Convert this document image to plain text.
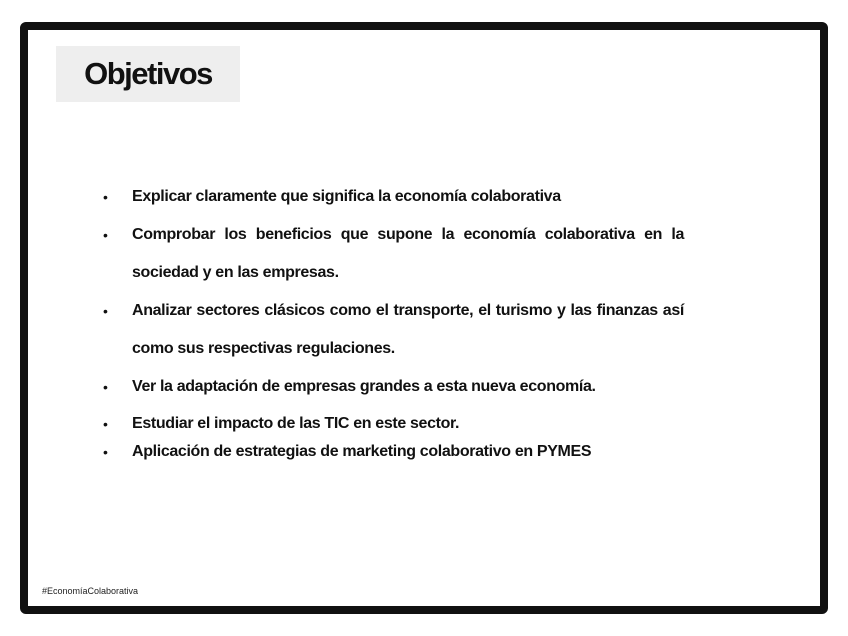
Objetivos
• Explicar claramente que significa la economía colaborativa
• Comprobar los beneficios que supone la economía colaborativa en la sociedad y en las empresas.
• Analizar sectores clásicos como el transporte, el turismo y las finanzas así como sus respectivas regulaciones.
• Ver la adaptación de empresas grandes a esta nueva economía.
• Estudiar el impacto de las TIC en este sector.
• Aplicación de estrategias de marketing colaborativo en PYMES
#EconomíaColaborativa
